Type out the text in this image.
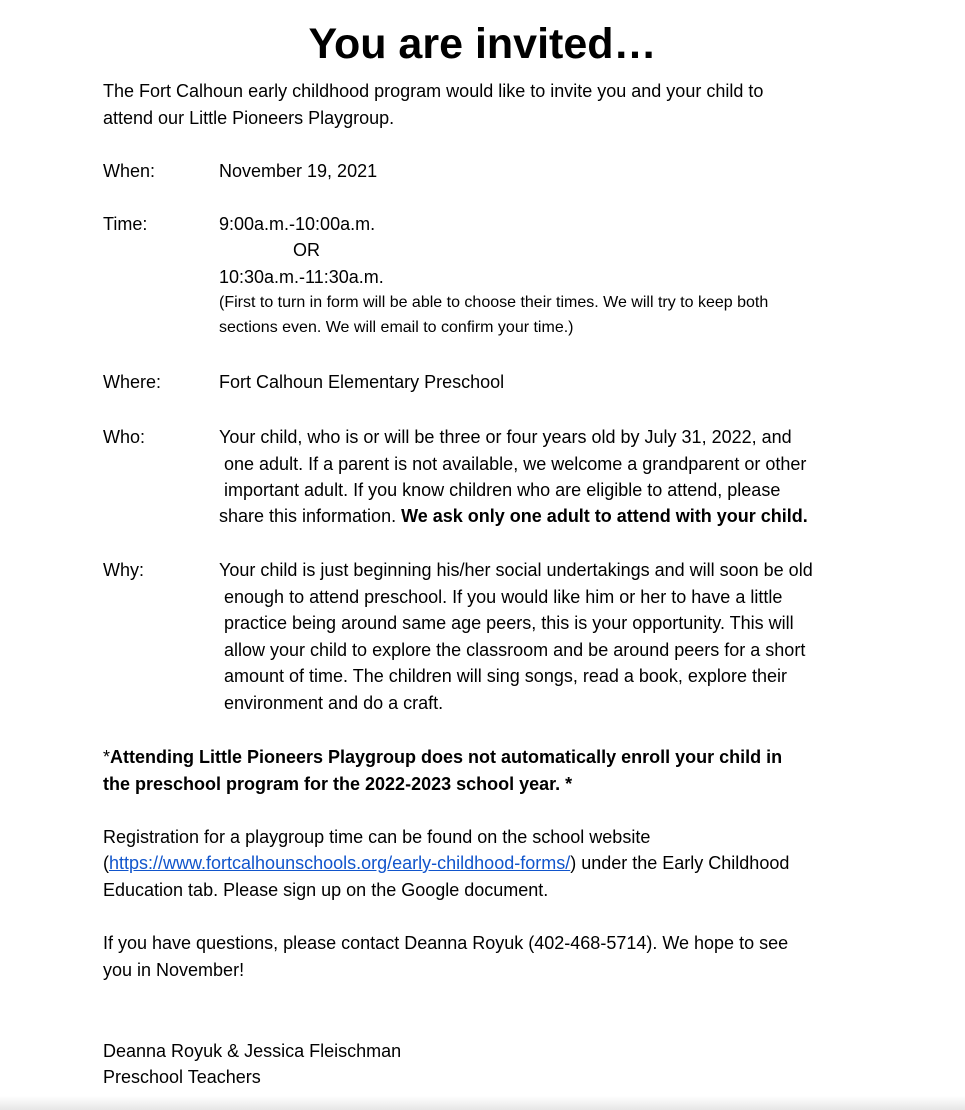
You are invited…
The Fort Calhoun early childhood program would like to invite you and your child to
attend our Little Pioneers Playgroup.
When:	November 19, 2021
Time:	9:00a.m.-10:00a.m.
OR
10:30a.m.-11:30a.m.
(First to turn in form will be able to choose their times. We will try to keep both
sections even. We will email to confirm your time.)
Where:	Fort Calhoun Elementary Preschool
Who:	Your child, who is or will be three or four years old by July 31, 2022, and
one adult. If a parent is not available, we welcome a grandparent or other
important adult. If you know children who are eligible to attend, please
share this information. We ask only one adult to attend with your child.
Why:	Your child is just beginning his/her social undertakings and will soon be old
enough to attend preschool. If you would like him or her to have a little
practice being around same age peers, this is your opportunity. This will
allow your child to explore the classroom and be around peers for a short
amount of time. The children will sing songs, read a book, explore their
environment and do a craft.
*Attending Little Pioneers Playgroup does not automatically enroll your child in
the preschool program for the 2022-2023 school year. *
Registration for a playgroup time can be found on the school website
(https://www.fortcalhounschools.org/early-childhood-forms/) under the Early Childhood
Education tab. Please sign up on the Google document.
If you have questions, please contact Deanna Royuk (402-468-5714). We hope to see
you in November!
Deanna Royuk & Jessica Fleischman
Preschool Teachers
